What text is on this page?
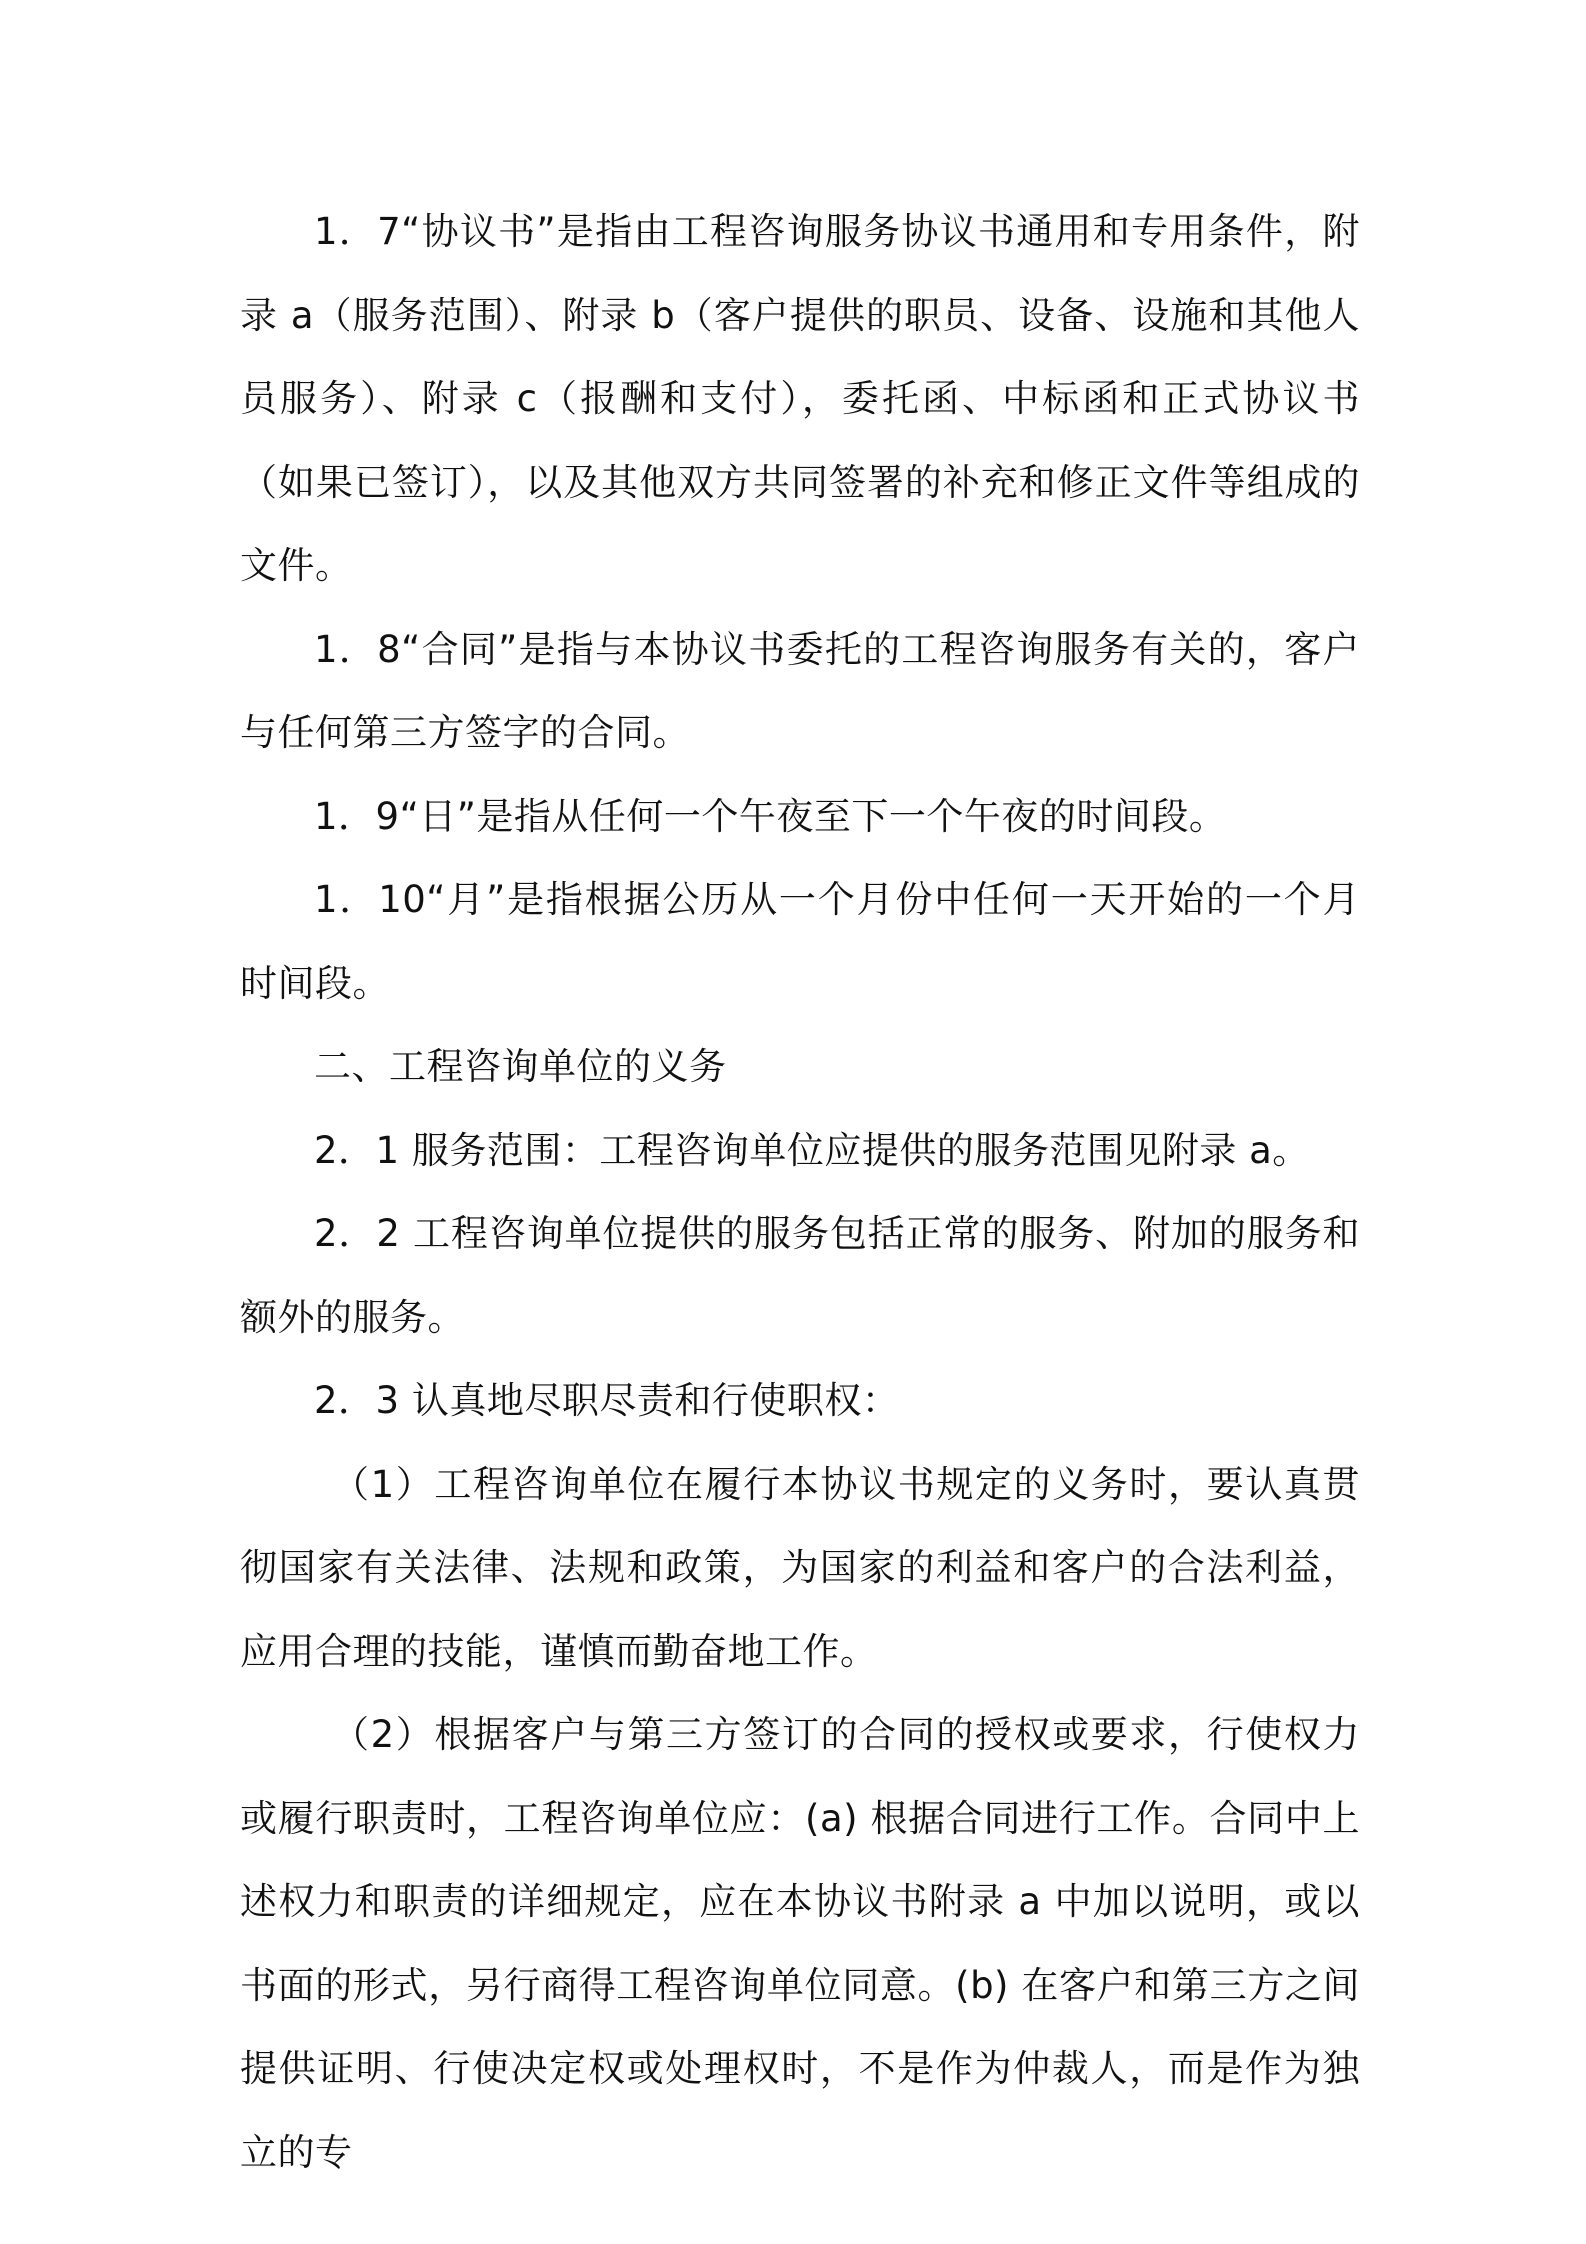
1．7“协议书”是指由工程咨询服务协议书通用和专用条件，附录 a（服务范围）、附录 b（客户提供的职员、设备、设施和其他人员服务）、附录 c（报酬和支付），委托函、中标函和正式协议书（如果已签订），以及其他双方共同签署的补充和修正文件等组成的文件。

1．8“合同”是指与本协议书委托的工程咨询服务有关的，客户与任何第三方签字的合同。

1．9“日”是指从任何一个午夜至下一个午夜的时间段。

1．10“月”是指根据公历从一个月份中任何一天开始的一个月时间段。

二、工程咨询单位的义务

2．1 服务范围：工程咨询单位应提供的服务范围见附录 a。

2．2 工程咨询单位提供的服务包括正常的服务、附加的服务和额外的服务。

2．3 认真地尽职尽责和行使职权：

（1）工程咨询单位在履行本协议书规定的义务时，要认真贯彻国家有关法律、法规和政策，为国家的利益和客户的合法利益，应用合理的技能，谨慎而勤奋地工作。

（2）根据客户与第三方签订的合同的授权或要求，行使权力或履行职责时，工程咨询单位应：(a) 根据合同进行工作。合同中上述权力和职责的详细规定，应在本协议书附录 a 中加以说明，或以书面的形式，另行商得工程咨询单位同意。(b) 在客户和第三方之间提供证明、行使决定权或处理权时，不是作为仲裁人，而是作为独立的专
